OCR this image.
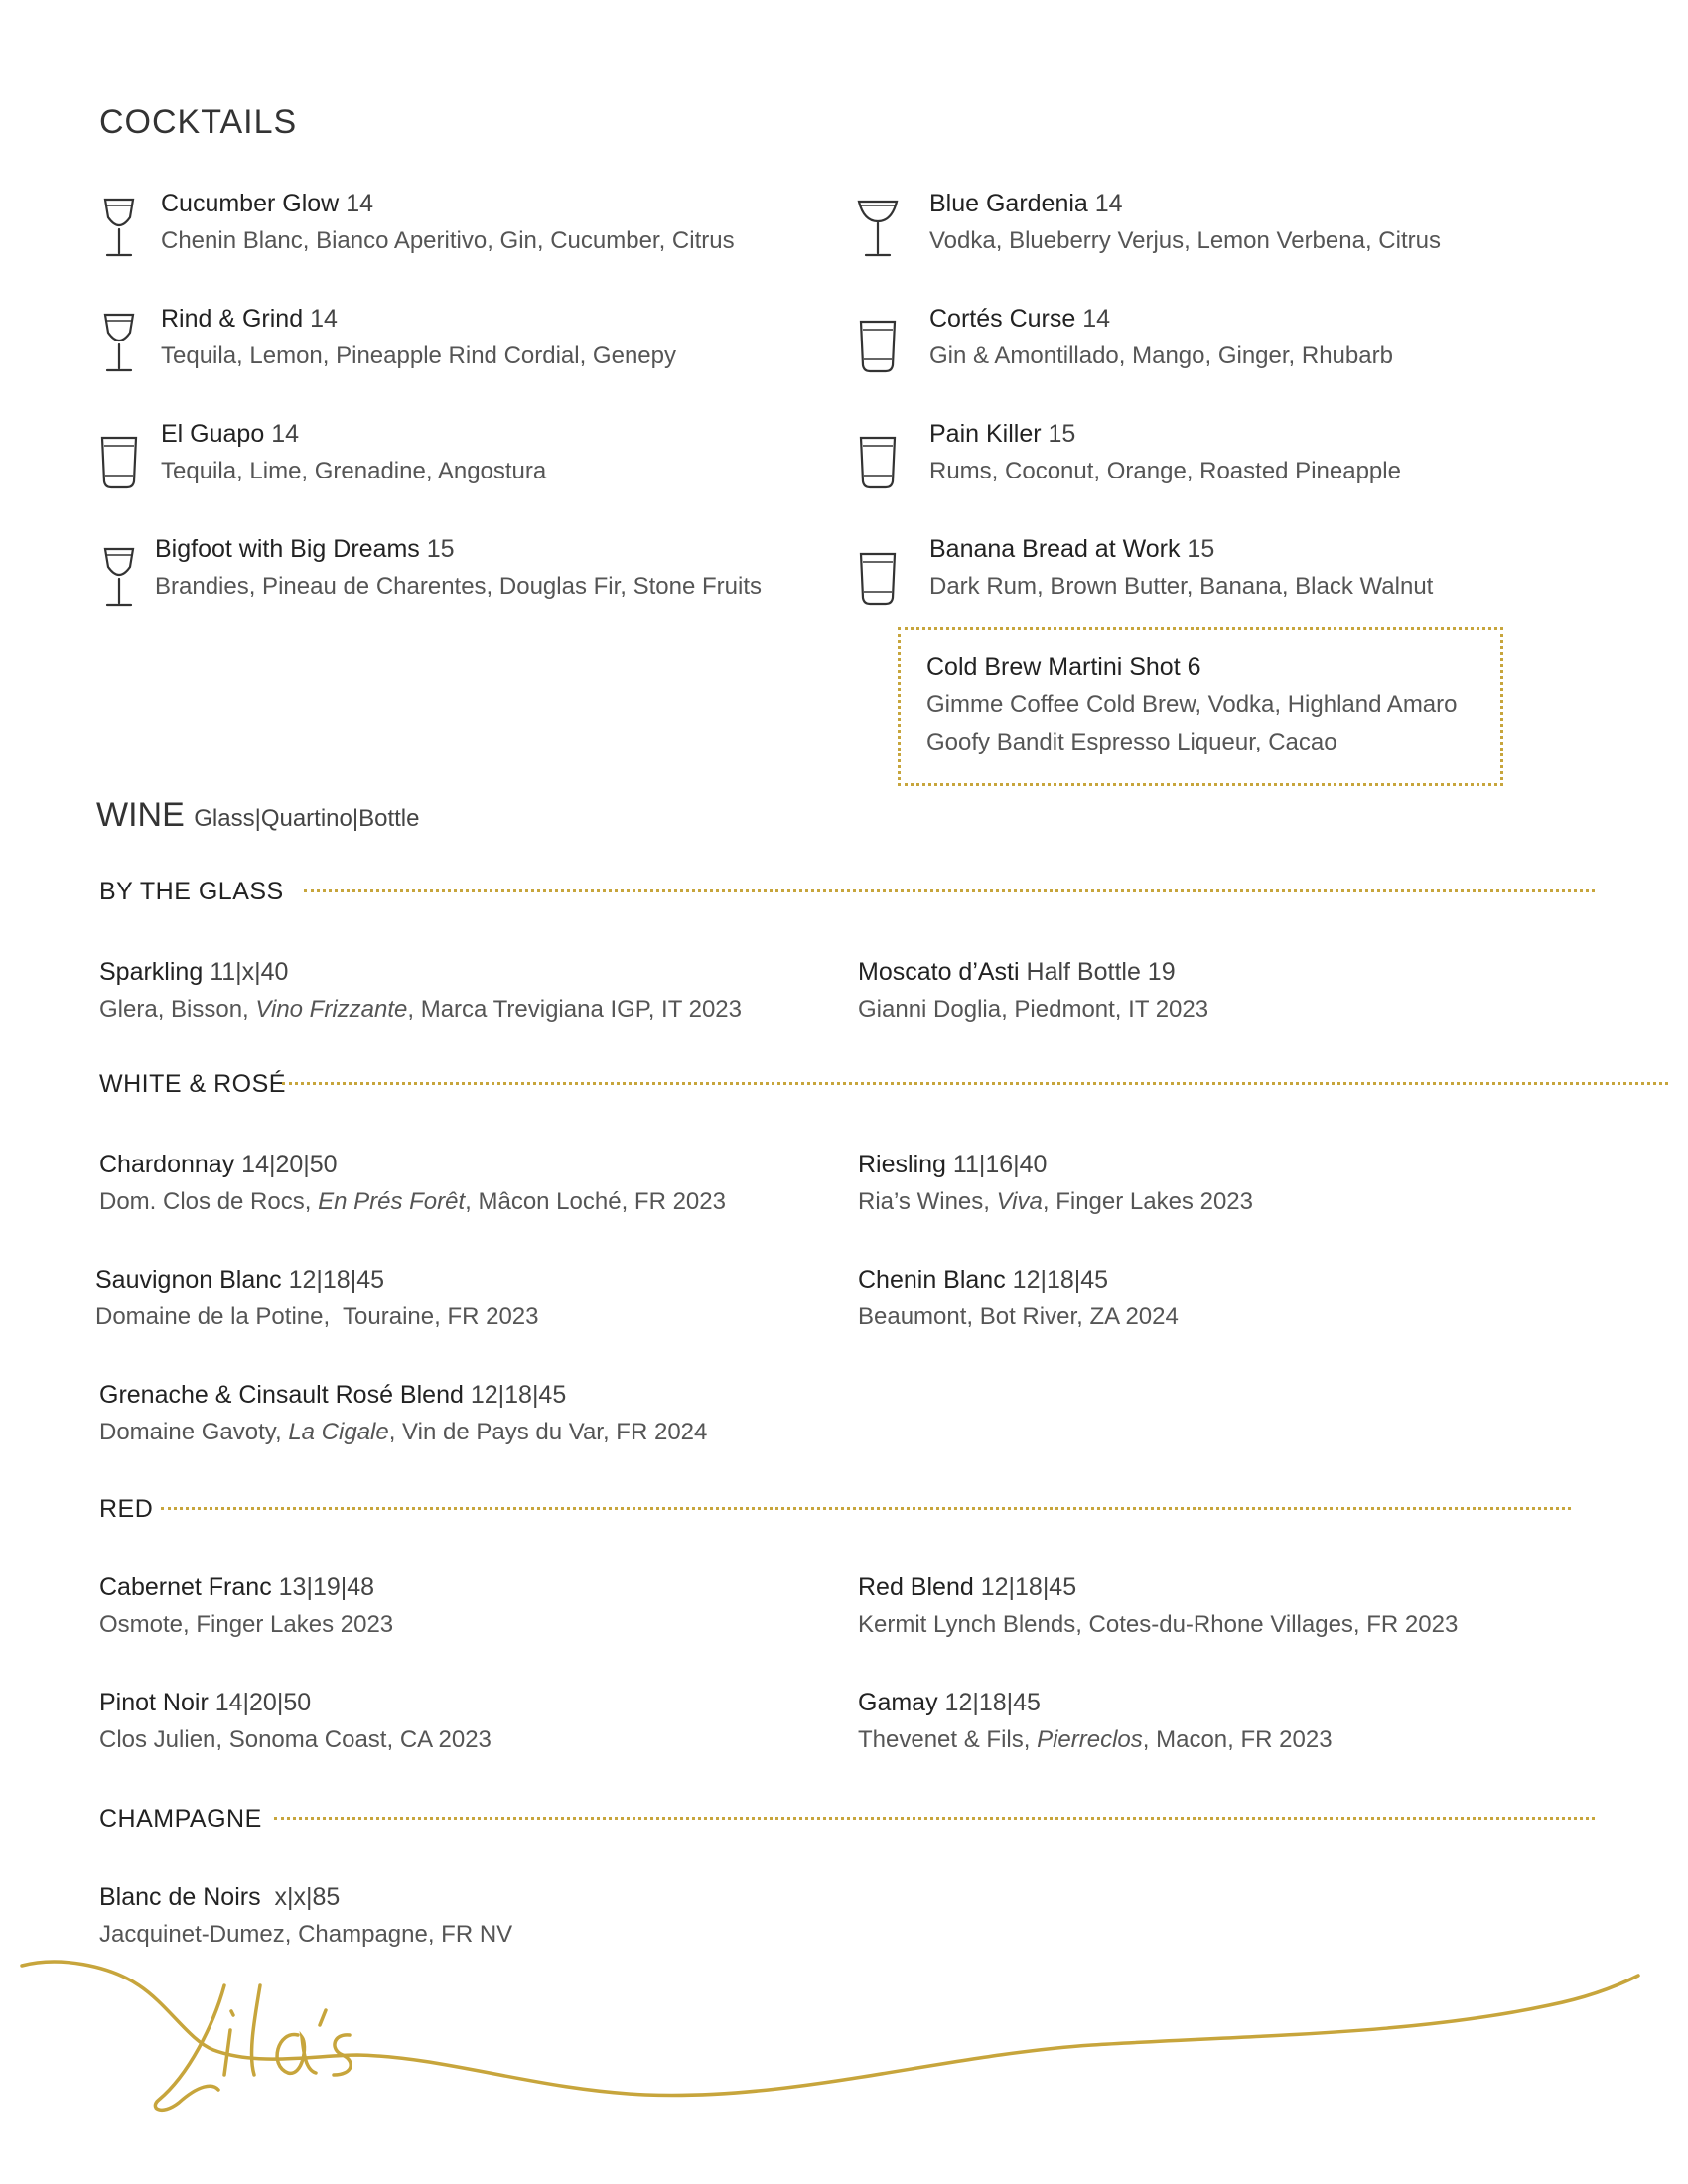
COCKTAILS
Cucumber Glow 14
Chenin Blanc, Bianco Aperitivo, Gin, Cucumber, Citrus
Rind & Grind 14
Tequila, Lemon, Pineapple Rind Cordial, Genepy
El Guapo 14
Tequila, Lime, Grenadine, Angostura
Bigfoot with Big Dreams 15
Brandies, Pineau de Charentes, Douglas Fir, Stone Fruits
Blue Gardenia 14
Vodka, Blueberry Verjus, Lemon Verbena, Citrus
Cortés Curse 14
Gin & Amontillado, Mango, Ginger, Rhubarb
Pain Killer 15
Rums, Coconut, Orange, Roasted Pineapple
Banana Bread at Work 15
Dark Rum, Brown Butter, Banana, Black Walnut
Cold Brew Martini Shot 6
Gimme Coffee Cold Brew, Vodka, Highland Amaro
Goofy Bandit Espresso Liqueur, Cacao
WINE Glass|Quartino|Bottle
BY THE GLASS
Sparkling 11|x|40
Glera, Bisson, Vino Frizzante, Marca Trevigiana IGP, IT 2023
Moscato d’Asti Half Bottle 19
Gianni Doglia, Piedmont, IT 2023
WHITE & ROSÉ
Chardonnay 14|20|50
Dom. Clos de Rocs, En Prés Forêt, Mâcon Loché, FR 2023
Riesling 11|16|40
Ria’s Wines, Viva, Finger Lakes 2023
Sauvignon Blanc 12|18|45
Domaine de la Potine,  Touraine, FR 2023
Chenin Blanc 12|18|45
Beaumont, Bot River, ZA 2024
Grenache & Cinsault Rosé Blend 12|18|45
Domaine Gavoty, La Cigale, Vin de Pays du Var, FR 2024
RED
Cabernet Franc 13|19|48
Osmote, Finger Lakes 2023
Red Blend 12|18|45
Kermit Lynch Blends, Cotes-du-Rhone Villages, FR 2023
Pinot Noir 14|20|50
Clos Julien, Sonoma Coast, CA 2023
Gamay 12|18|45
Thevenet & Fils, Pierreclos, Macon, FR 2023
CHAMPAGNE
Blanc de Noirs  x|x|85
Jacquinet-Dumez, Champagne, FR NV
